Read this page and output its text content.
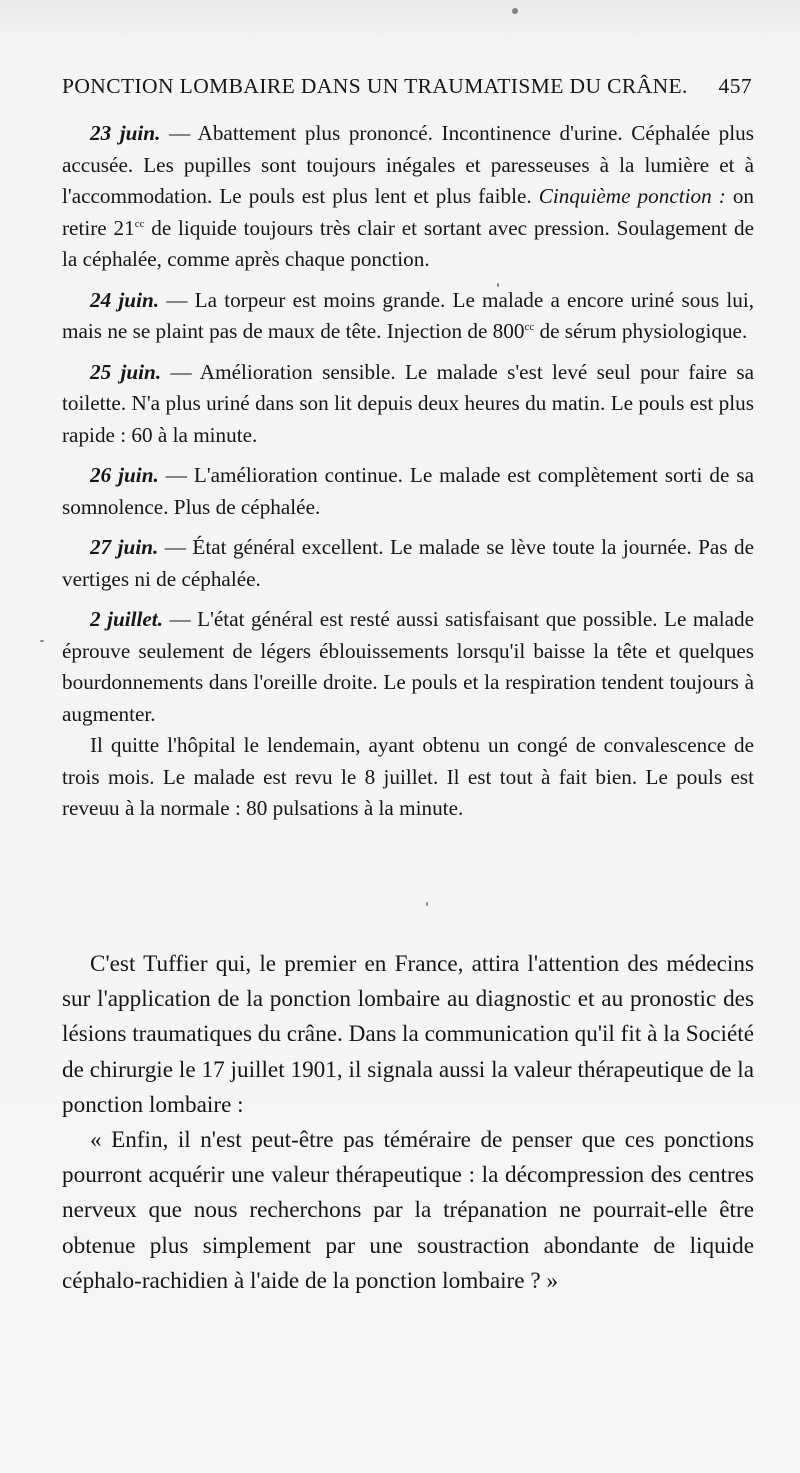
PONCTION LOMBAIRE DANS UN TRAUMATISME DU CRÂNE. 457

23 juin. — Abattement plus prononcé. Incontinence d'urine. Céphalée plus accusée. Les pupilles sont toujours inégales et paresseuses à la lumière et à l'accommodation. Le pouls est plus lent et plus faible. Cinquième ponction : on retire $21^{cc}$ de liquide toujours très clair et sortant avec pression. Soulagement de la céphalée, comme après chaque ponction.

24 juin. — La torpeur est moins grande. Le malade a encore uriné sous lui, mais ne se plaint pas de maux de tête. Injection de $800^{cc}$ de sérum physiologique.

25 juin. — Amélioration sensible. Le malade s'est levé seul pour faire sa toilette. N'a plus uriné dans son lit depuis deux heures du matin. Le pouls est plus rapide : 60 à la minute.

26 juin. — L'amélioration continue. Le malade est complètement sorti de sa somnolence. Plus de céphalée.

27 juin. — État général excellent. Le malade se lève toute la journée. Pas de vertiges ni de céphalée.

2 juillet. — L'état général est resté aussi satisfaisant que possible. Le malade éprouve seulement de légers éblouissements lorsqu'il baisse la tête et quelques bourdonnements dans l'oreille droite. Le pouls et la respiration tendent toujours à augmenter.

Il quitte l'hôpital le lendemain, ayant obtenu un congé de convalescence de trois mois. Le malade est revu le 8 juillet. Il est tout à fait bien. Le pouls est reveuu à la normale : 80 pulsations à la minute.

C'est Tuffier qui, le premier en France, attira l'attention des médecins sur l'application de la ponction lombaire au diagnostic et au pronostic des lésions traumatiques du crâne. Dans la communication qu'il fit à la Société de chirurgie le 17 juillet 1901, il signala aussi la valeur thérapeutique de la ponction lombaire :

« Enfin, il n'est peut-être pas téméraire de penser que ces ponctions pourront acquérir une valeur thérapeutique : la décompression des centres nerveux que nous recherchons par la trépanation ne pourrait-elle être obtenue plus simplement par une soustraction abondante de liquide céphalo-rachidien à l'aide de la ponction lombaire ? »
